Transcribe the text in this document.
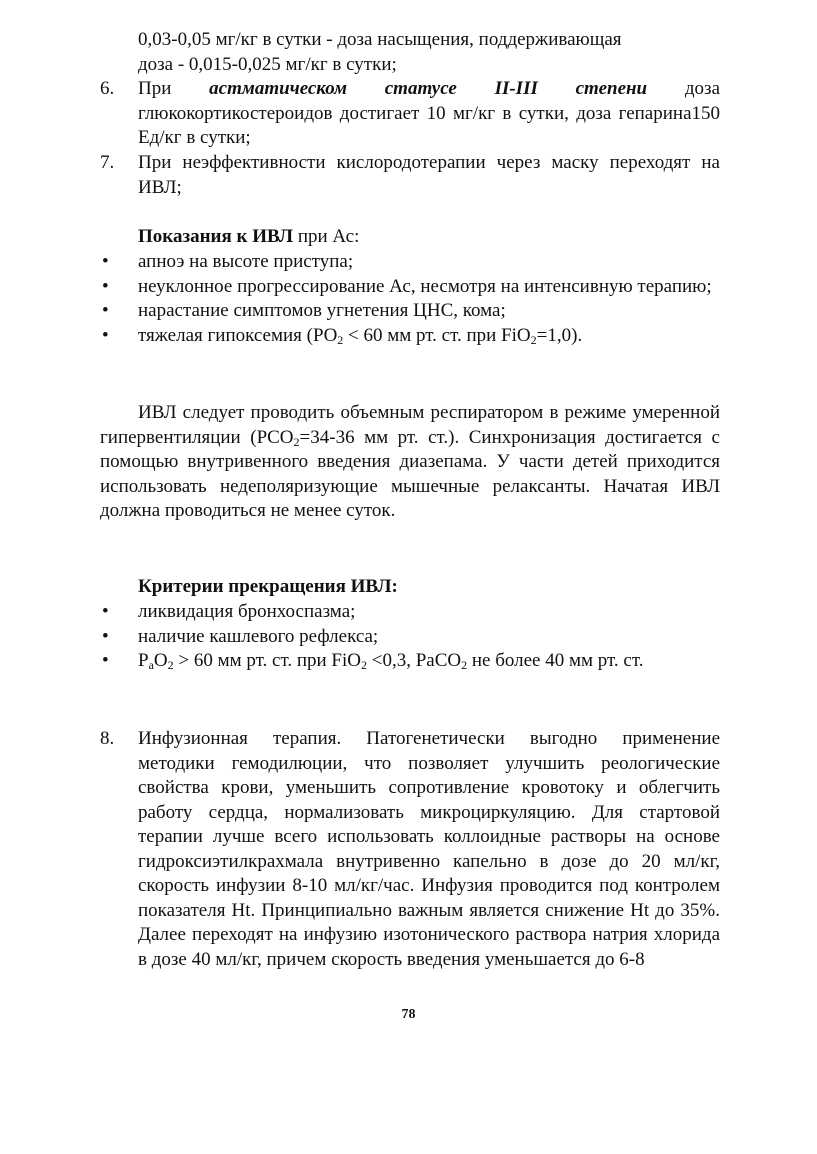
0,03-0,05 мг/кг в сутки - доза насыщения, поддерживающая
доза - 0,015-0,025 мг/кг в сутки;
6.	При астматическом статусе II-III степени доза глюкокортикостероидов достигает 10 мг/кг в сутки, доза гепарина150 Ед/кг в сутки;
7.	При неэффективности кислородотерапии через маску переходят на ИВЛ;
Показания к ИВЛ при Ас:
•	апноэ на высоте приступа;
•	неуклонное прогрессирование Ас, несмотря на интенсивную терапию;
•	нарастание симптомов угнетения ЦНС, кома;
•	тяжелая гипоксемия ($PO_2 < 60$ мм рт. ст. при FiO$_2$=1,0).
ИВЛ следует проводить объемным респиратором в режиме умеренной гипервентиляции ($PCO_2=34-36$ мм рт. ст.). Синхронизация достигается с помощью внутривенного введения диазепама. У части детей приходится использовать недеполяризующие мышечные релаксанты. Начатая ИВЛ должна проводиться не менее суток.
Критерии прекращения ИВЛ:
•	ликвидация бронхоспазма;
•	наличие кашлевого рефлекса;
•	$P_aO_2 > 60$ мм рт. ст. при FiO$_2$ <0,3, PaCO$_2$ не более 40 мм рт. ст.
8.	Инфузионная терапия. Патогенетически выгодно применение методики гемодилюции, что позволяет улучшить реологические свойства крови, уменьшить сопротивление кровотоку и облегчить работу сердца, нормализовать микроциркуляцию. Для стартовой терапии лучше всего использовать коллоидные растворы на основе гидроксиэтилкрахмала внутривенно капельно в дозе до 20 мл/кг, скорость инфузии 8-10 мл/кг/час. Инфузия проводится под контролем показателя Ht. Принципиально важным является снижение Ht до 35%. Далее переходят на инфузию изотонического раствора натрия хлорида в дозе 40 мл/кг, причем скорость введения уменьшается до 6-8
78
